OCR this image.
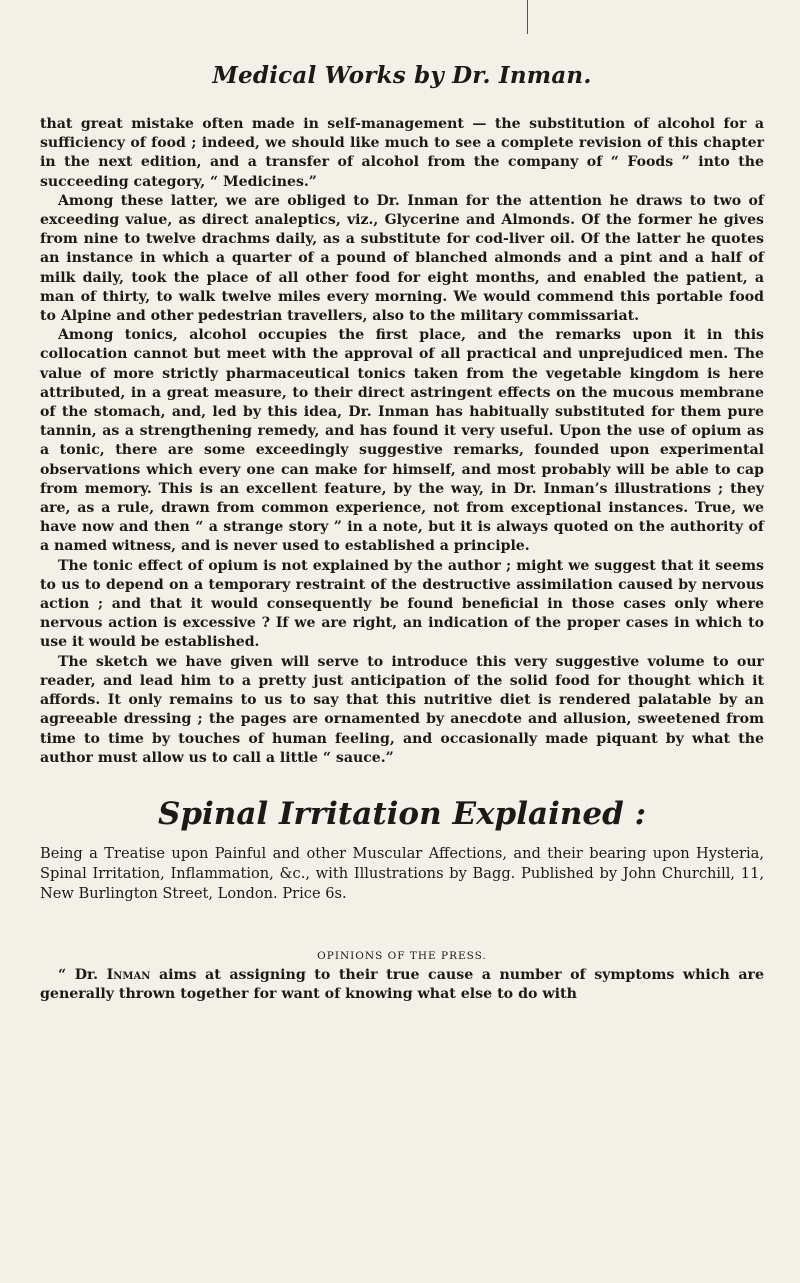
Medical Works by Dr. Inman.

that great mistake often made in self-management — the substitution of alcohol for a sufficiency of food ; indeed, we should like much to see a complete revision of this chapter in the next edition, and a transfer of alcohol from the company of “ Foods ” into the succeeding category, “ Medicines.”

Among these latter, we are obliged to Dr. Inman for the attention he draws to two of exceeding value, as direct analeptics, viz., Glycerine and Almonds. Of the former he gives from nine to twelve drachms daily, as a substitute for cod-liver oil. Of the latter he quotes an instance in which a quarter of a pound of blanched almonds and a pint and a half of milk daily, took the place of all other food for eight months, and enabled the patient, a man of thirty, to walk twelve miles every morning. We would commend this portable food to Alpine and other pedestrian travellers, also to the military commissariat.

Among tonics, alcohol occupies the first place, and the remarks upon it in this collocation cannot but meet with the approval of all practical and unprejudiced men. The value of more strictly pharmaceutical tonics taken from the vegetable kingdom is here attributed, in a great measure, to their direct astringent effects on the mucous membrane of the stomach, and, led by this idea, Dr. Inman has habitually substituted for them pure tannin, as a strengthening remedy, and has found it very useful. Upon the use of opium as a tonic, there are some exceedingly suggestive remarks, founded upon experimental observations which every one can make for himself, and most probably will be able to cap from memory. This is an excellent feature, by the way, in Dr. Inman’s illustrations ; they are, as a rule, drawn from common experience, not from exceptional instances. True, we have now and then “ a strange story ” in a note, but it is always quoted on the authority of a named witness, and is never used to established a principle.

The tonic effect of opium is not explained by the author ; might we suggest that it seems to us to depend on a temporary restraint of the destructive assimilation caused by nervous action ; and that it would consequently be found beneficial in those cases only where nervous action is excessive ? If we are right, an indication of the proper cases in which to use it would be established.

The sketch we have given will serve to introduce this very suggestive volume to our reader, and lead him to a pretty just anticipation of the solid food for thought which it affords. It only remains to us to say that this nutritive diet is rendered palatable by an agreeable dressing ; the pages are ornamented by anecdote and allusion, sweetened from time to time by touches of human feeling, and occasionally made piquant by what the author must allow us to call a little “ sauce.”

Spinal Irritation Explained :

Being a Treatise upon Painful and other Muscular Affections, and their bearing upon Hysteria, Spinal Irritation, Inflammation, &c., with Illustrations by Bagg. Published by John Churchill, 11, New Burlington Street, London. Price 6s.

OPINIONS OF THE PRESS.

“ Dr. Inman aims at assigning to their true cause a number of symptoms which are generally thrown together for want of knowing what else to do with
